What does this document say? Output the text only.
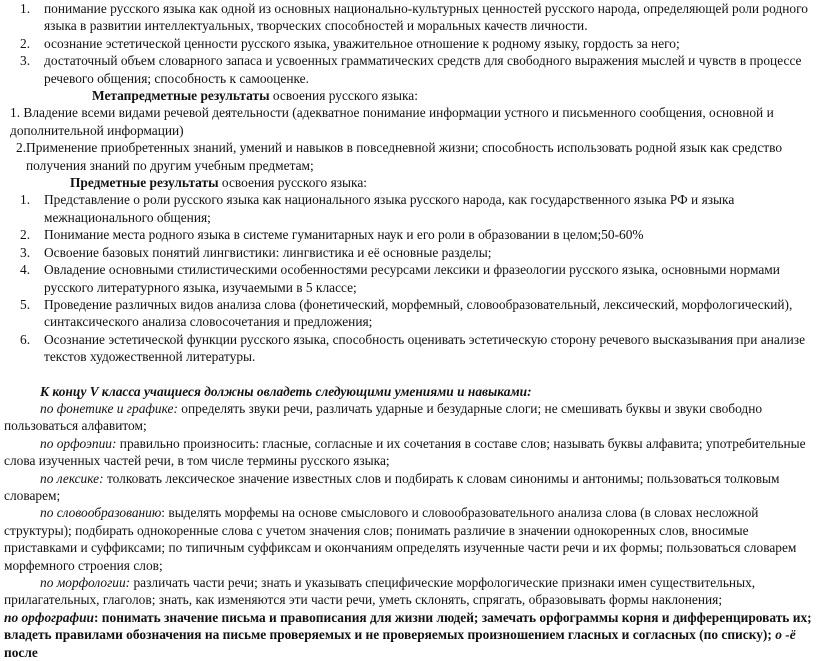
1. понимание русского языка как одной из основных национально-культурных ценностей русского народа, определяющей роли родного языка в развитии интеллектуальных, творческих способностей и моральных качеств личности.
2. осознание эстетической ценности русского языка, уважительное отношение к родному языку, гордость за него;
3. достаточный объем словарного запаса и усвоенных грамматических средств для свободного выражения мыслей и чувств в процессе речевого общения; способность к самооценке.
Метапредметные результаты освоения русского языка:
1. Владение всеми видами речевой деятельности (адекватное понимание информации устного и письменного сообщения, основной и дополнительной информации)
2.Применение приобретенных знаний, умений и навыков в повседневной жизни; способность использовать родной язык как средство получения знаний по другим учебным предметам;
Предметные результаты освоения русского языка:
1. Представление о роли русского языка как национального языка русского народа, как государственного языка РФ и языка межнационального общения;
2. Понимание места родного языка в системе гуманитарных наук и его роли в образовании в целом;50-60%
3. Освоение базовых понятий лингвистики: лингвистика и её основные разделы;
4. Овладение основными стилистическими особенностями ресурсами лексики и фразеологии русского языка, основными нормами русского литературного языка, изучаемыми в 5 классе;
5. Проведение различных видов анализа слова (фонетический, морфемный, словообразовательный, лексический, морфологический), синтаксического анализа словосочетания и предложения;
6. Осознание эстетической функции русского языка, способность оценивать эстетическую сторону речевого высказывания при анализе текстов художественной литературы.
К концу V класса учащиеся должны овладеть следующими умениями и навыками:
по фонетике и графике: определять звуки речи, различать ударные и безударные слоги; не смешивать буквы и звуки свободно пользоваться алфавитом;
по орфоэпии: правильно произносить: гласные, согласные и их сочетания в составе слов; называть буквы алфавита; употребительные слова изученных частей речи, в том числе термины русского языка;
по лексике: толковать лексическое значение известных слов и подбирать к словам синонимы и антонимы; пользоваться толковым словарем;
по словообразованию: выделять морфемы на основе смыслового и словообразовательного анализа слова (в словах несложной структуры); подбирать однокоренные слова с учетом значения слов; понимать различие в значении однокоренных слов, вносимые приставками и суффиксами; по типичным суффиксам и окончаниям определять изученные части речи и их формы; пользоваться словарем морфемного строения слов;
по морфологии: различать части речи; знать и указывать специфические морфологические признаки имен существительных, прилагательных, глаголов; знать, как изменяются эти части речи, уметь склонять, спрягать, образовывать формы наклонения;
по орфографии: понимать значение письма и правописания для жизни людей; замечать орфограммы корня и дифференцировать их; владеть правилами обозначения на письме проверяемых и не проверяемых произношением гласных и согласных (по списку); о -ё после
